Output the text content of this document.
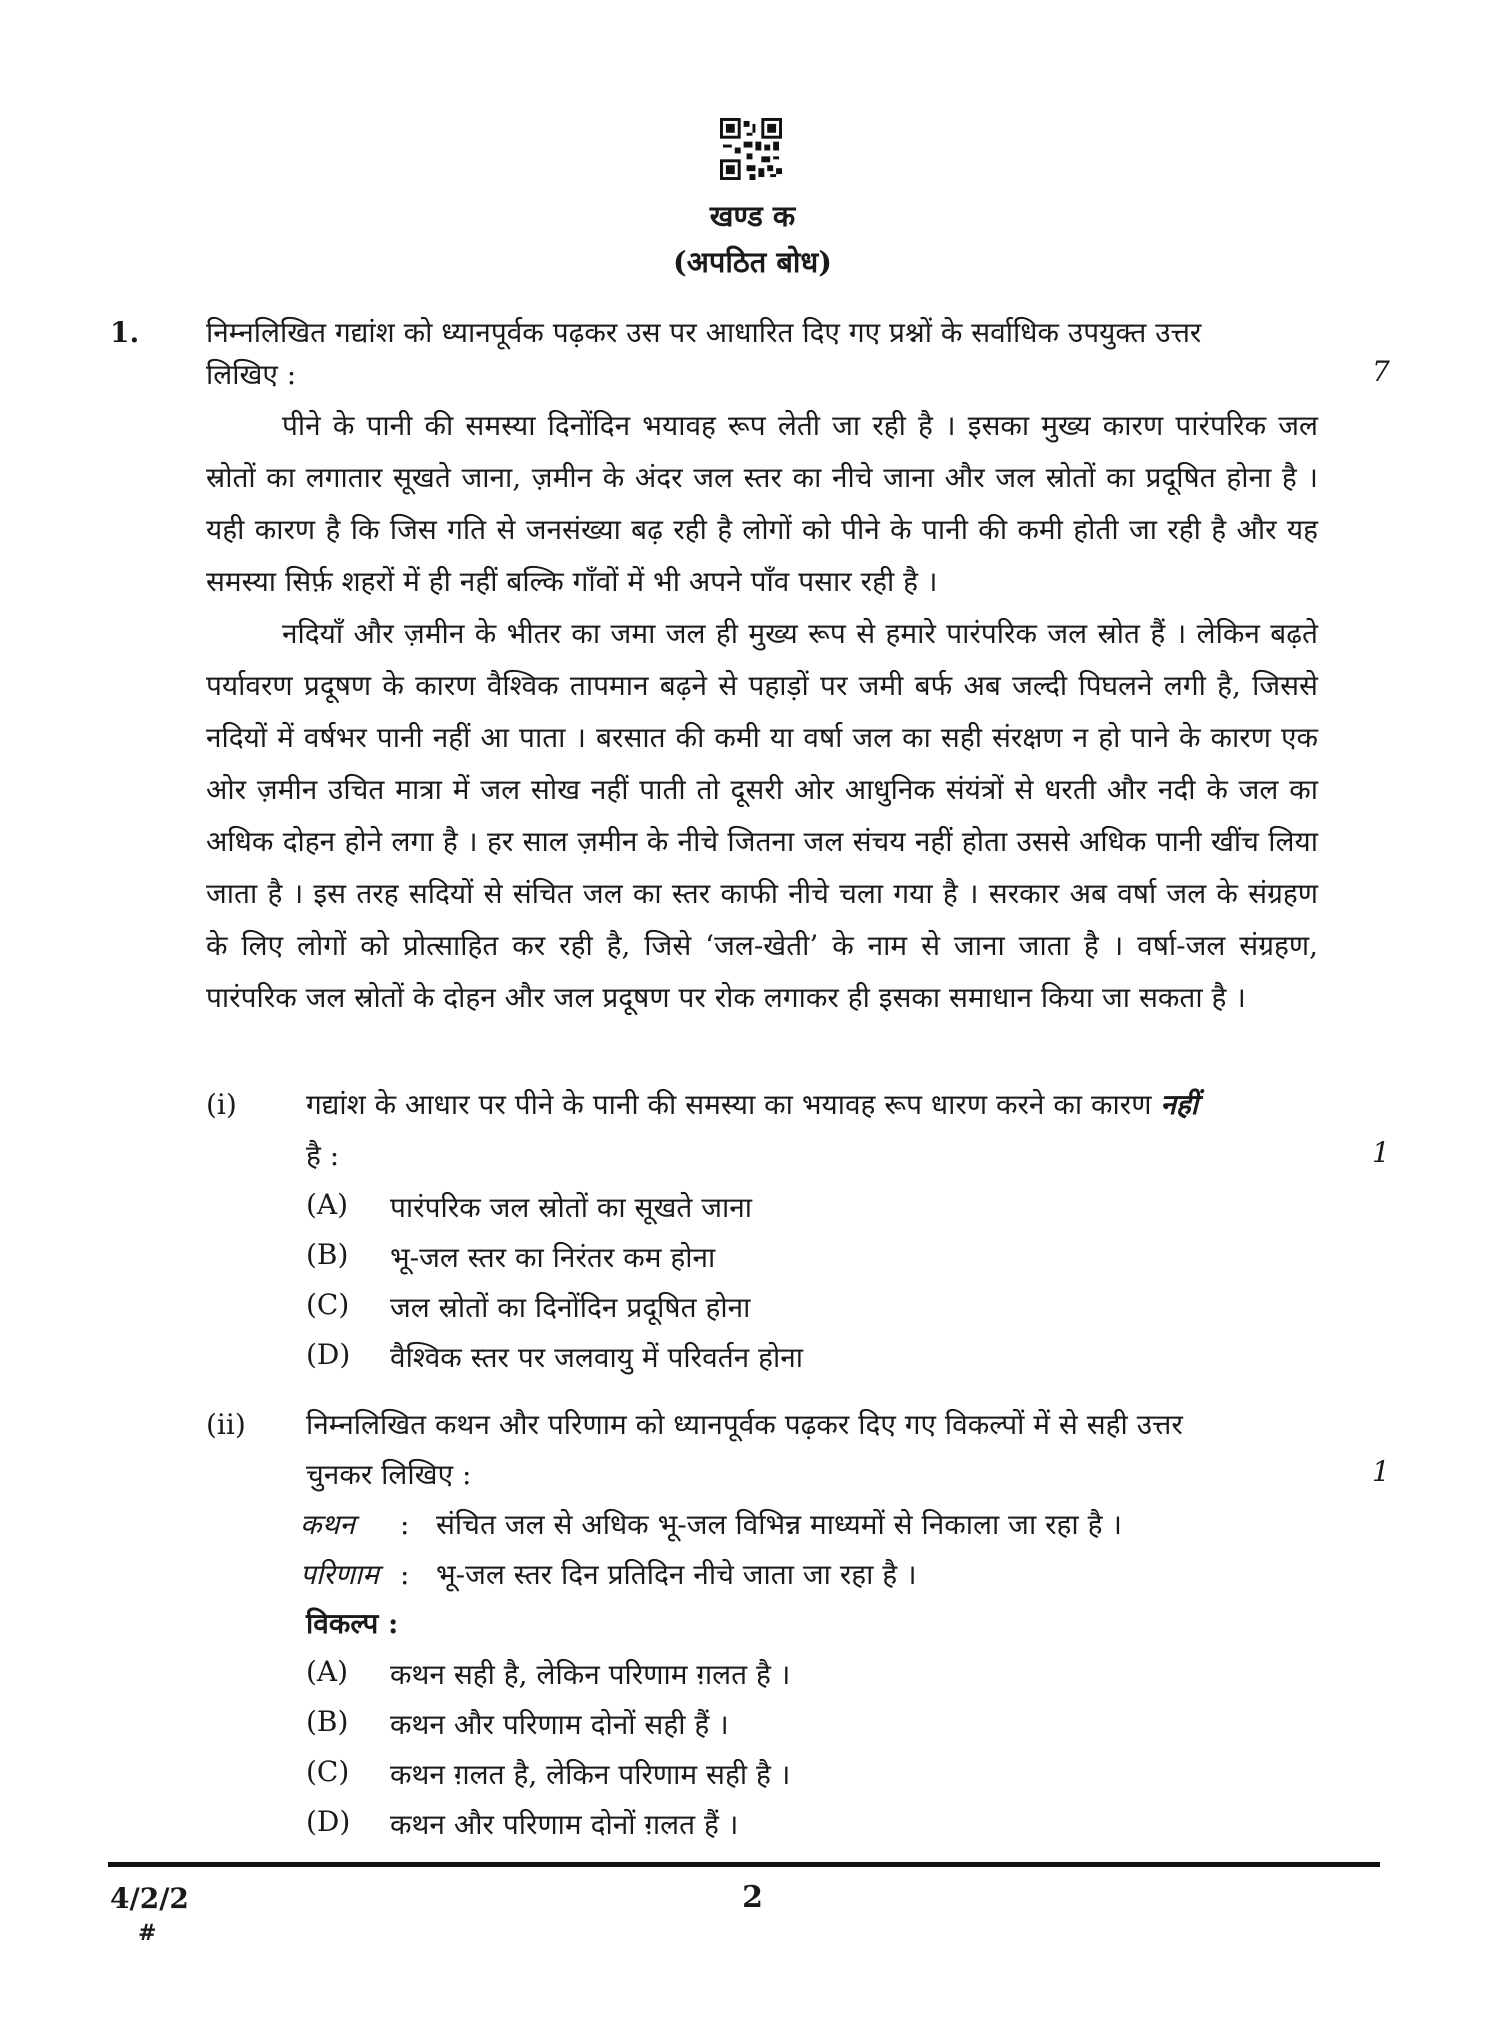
खण्ड क
(अपठित बोध)
1. निम्नलिखित गद्यांश को ध्यानपूर्वक पढ़कर उस पर आधारित दिए गए प्रश्नों के सर्वाधिक उपयुक्त उत्तर
लिखिए :	7
पीने के पानी की समस्या दिनोंदिन भयावह रूप लेती जा रही है । इसका मुख्य कारण पारंपरिक जल स्रोतों का लगातार सूखते जाना, ज़मीन के अंदर जल स्तर का नीचे जाना और जल स्रोतों का प्रदूषित होना है । यही कारण है कि जिस गति से जनसंख्या बढ़ रही है लोगों को पीने के पानी की कमी होती जा रही है और यह समस्या सिर्फ़ शहरों में ही नहीं बल्कि गाँवों में भी अपने पाँव पसार रही है ।
नदियाँ और ज़मीन के भीतर का जमा जल ही मुख्य रूप से हमारे पारंपरिक जल स्रोत हैं । लेकिन बढ़ते पर्यावरण प्रदूषण के कारण वैश्विक तापमान बढ़ने से पहाड़ों पर जमी बर्फ अब जल्दी पिघलने लगी है, जिससे नदियों में वर्षभर पानी नहीं आ पाता । बरसात की कमी या वर्षा जल का सही संरक्षण न हो पाने के कारण एक ओर ज़मीन उचित मात्रा में जल सोख नहीं पाती तो दूसरी ओर आधुनिक संयंत्रों से धरती और नदी के जल का अधिक दोहन होने लगा है । हर साल ज़मीन के नीचे जितना जल संचय नहीं होता उससे अधिक पानी खींच लिया जाता है । इस तरह सदियों से संचित जल का स्तर काफी नीचे चला गया है । सरकार अब वर्षा जल के संग्रहण के लिए लोगों को प्रोत्साहित कर रही है, जिसे ‘जल-खेती’ के नाम से जाना जाता है । वर्षा-जल संग्रहण, पारंपरिक जल स्रोतों के दोहन और जल प्रदूषण पर रोक लगाकर ही इसका समाधान किया जा सकता है ।
(i) गद्यांश के आधार पर पीने के पानी की समस्या का भयावह रूप धारण करने का कारण नहीं
है :	1
(A) पारंपरिक जल स्रोतों का सूखते जाना
(B) भू-जल स्तर का निरंतर कम होना
(C) जल स्रोतों का दिनोंदिन प्रदूषित होना
(D) वैश्विक स्तर पर जलवायु में परिवर्तन होना
(ii) निम्नलिखित कथन और परिणाम को ध्यानपूर्वक पढ़कर दिए गए विकल्पों में से सही उत्तर
चुनकर लिखिए :	1
कथन : संचित जल से अधिक भू-जल विभिन्न माध्यमों से निकाला जा रहा है ।
परिणाम : भू-जल स्तर दिन प्रतिदिन नीचे जाता जा रहा है ।
विकल्प :
(A) कथन सही है, लेकिन परिणाम ग़लत है ।
(B) कथन और परिणाम दोनों सही हैं ।
(C) कथन ग़लत है, लेकिन परिणाम सही है ।
(D) कथन और परिणाम दोनों ग़लत हैं ।
4/2/2
#
2
